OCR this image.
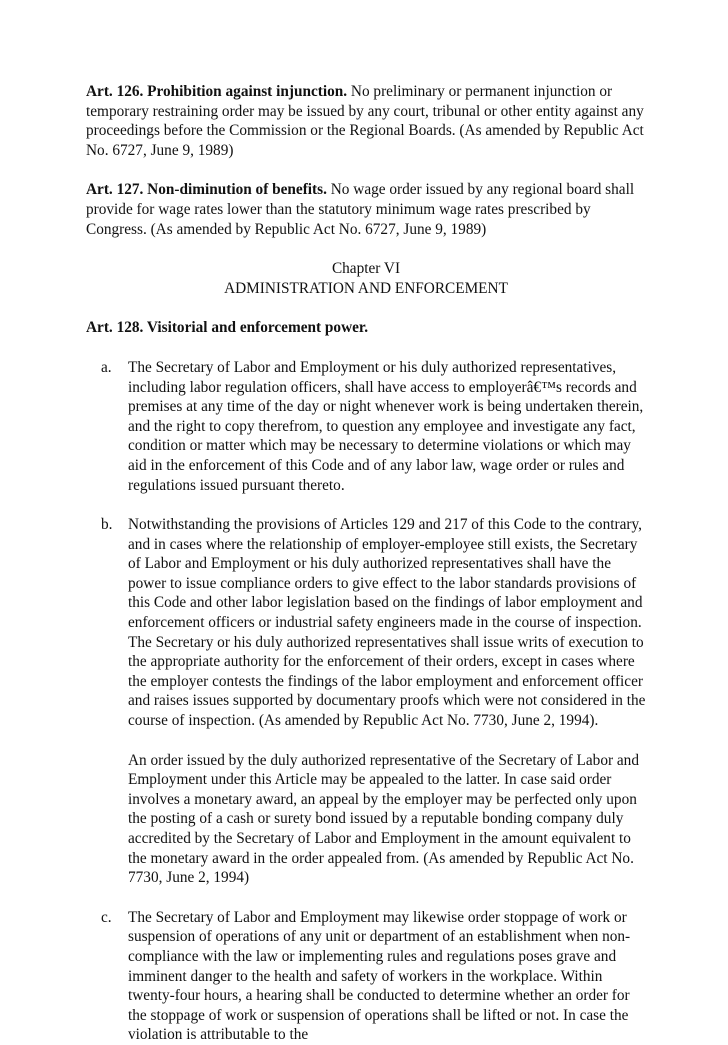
Art. 126. Prohibition against injunction. No preliminary or permanent injunction or temporary restraining order may be issued by any court, tribunal or other entity against any proceedings before the Commission or the Regional Boards. (As amended by Republic Act No. 6727, June 9, 1989)

Art. 127. Non-diminution of benefits. No wage order issued by any regional board shall provide for wage rates lower than the statutory minimum wage rates prescribed by Congress. (As amended by Republic Act No. 6727, June 9, 1989)

Chapter VI
ADMINISTRATION AND ENFORCEMENT

Art. 128. Visitorial and enforcement power.

a. The Secretary of Labor and Employment or his duly authorized representatives, including labor regulation officers, shall have access to employerâ€™s records and premises at any time of the day or night whenever work is being undertaken therein, and the right to copy therefrom, to question any employee and investigate any fact, condition or matter which may be necessary to determine violations or which may aid in the enforcement of this Code and of any labor law, wage order or rules and regulations issued pursuant thereto.

b. Notwithstanding the provisions of Articles 129 and 217 of this Code to the contrary, and in cases where the relationship of employer-employee still exists, the Secretary of Labor and Employment or his duly authorized representatives shall have the power to issue compliance orders to give effect to the labor standards provisions of this Code and other labor legislation based on the findings of labor employment and enforcement officers or industrial safety engineers made in the course of inspection. The Secretary or his duly authorized representatives shall issue writs of execution to the appropriate authority for the enforcement of their orders, except in cases where the employer contests the findings of the labor employment and enforcement officer and raises issues supported by documentary proofs which were not considered in the course of inspection. (As amended by Republic Act No. 7730, June 2, 1994).

An order issued by the duly authorized representative of the Secretary of Labor and Employment under this Article may be appealed to the latter. In case said order involves a monetary award, an appeal by the employer may be perfected only upon the posting of a cash or surety bond issued by a reputable bonding company duly accredited by the Secretary of Labor and Employment in the amount equivalent to the monetary award in the order appealed from. (As amended by Republic Act No. 7730, June 2, 1994)

c. The Secretary of Labor and Employment may likewise order stoppage of work or suspension of operations of any unit or department of an establishment when non-compliance with the law or implementing rules and regulations poses grave and imminent danger to the health and safety of workers in the workplace. Within twenty-four hours, a hearing shall be conducted to determine whether an order for the stoppage of work or suspension of operations shall be lifted or not. In case the violation is attributable to the
